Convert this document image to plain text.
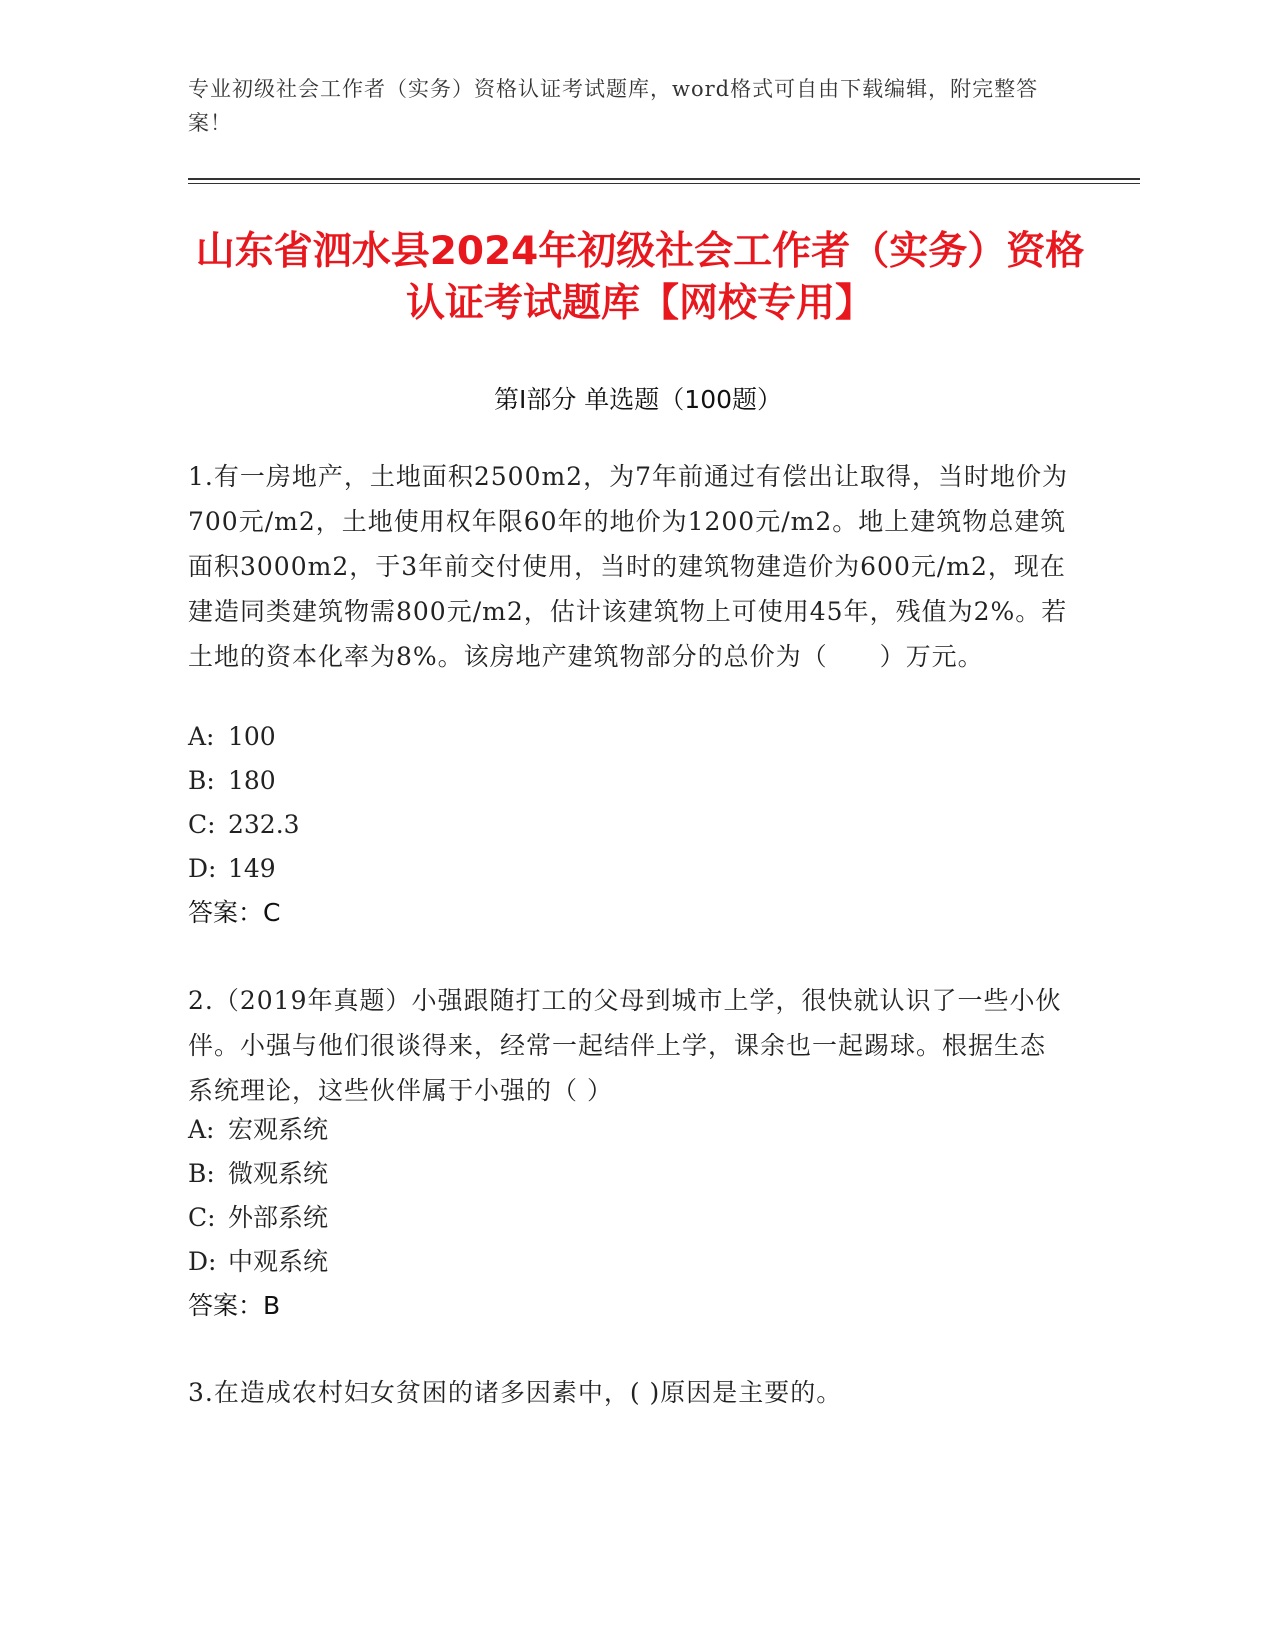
专业初级社会工作者（实务）资格认证考试题库，word格式可自由下载编辑，附完整答案！
山东省泗水县2024年初级社会工作者（实务）资格认证考试题库【网校专用】
第Ⅰ部分 单选题（100题）
1.有一房地产，土地面积2500m2，为7年前通过有偿出让取得，当时地价为700元/m2，土地使用权年限60年的地价为1200元/m2。地上建筑物总建筑面积3000m2，于3年前交付使用，当时的建筑物建造价为600元/m2，现在建造同类建筑物需800元/m2，估计该建筑物上可使用45年，残值为2%。若土地的资本化率为8%。该房地产建筑物部分的总价为（　　）万元。
A: 100
B: 180
C: 232.3
D: 149
答案：C
2.（2019年真题）小强跟随打工的父母到城市上学，很快就认识了一些小伙伴。小强与他们很谈得来，经常一起结伴上学，课余也一起踢球。根据生态系统理论，这些伙伴属于小强的（ ）
A: 宏观系统
B: 微观系统
C: 外部系统
D: 中观系统
答案：B
3.在造成农村妇女贫困的诸多因素中，( )原因是主要的。
